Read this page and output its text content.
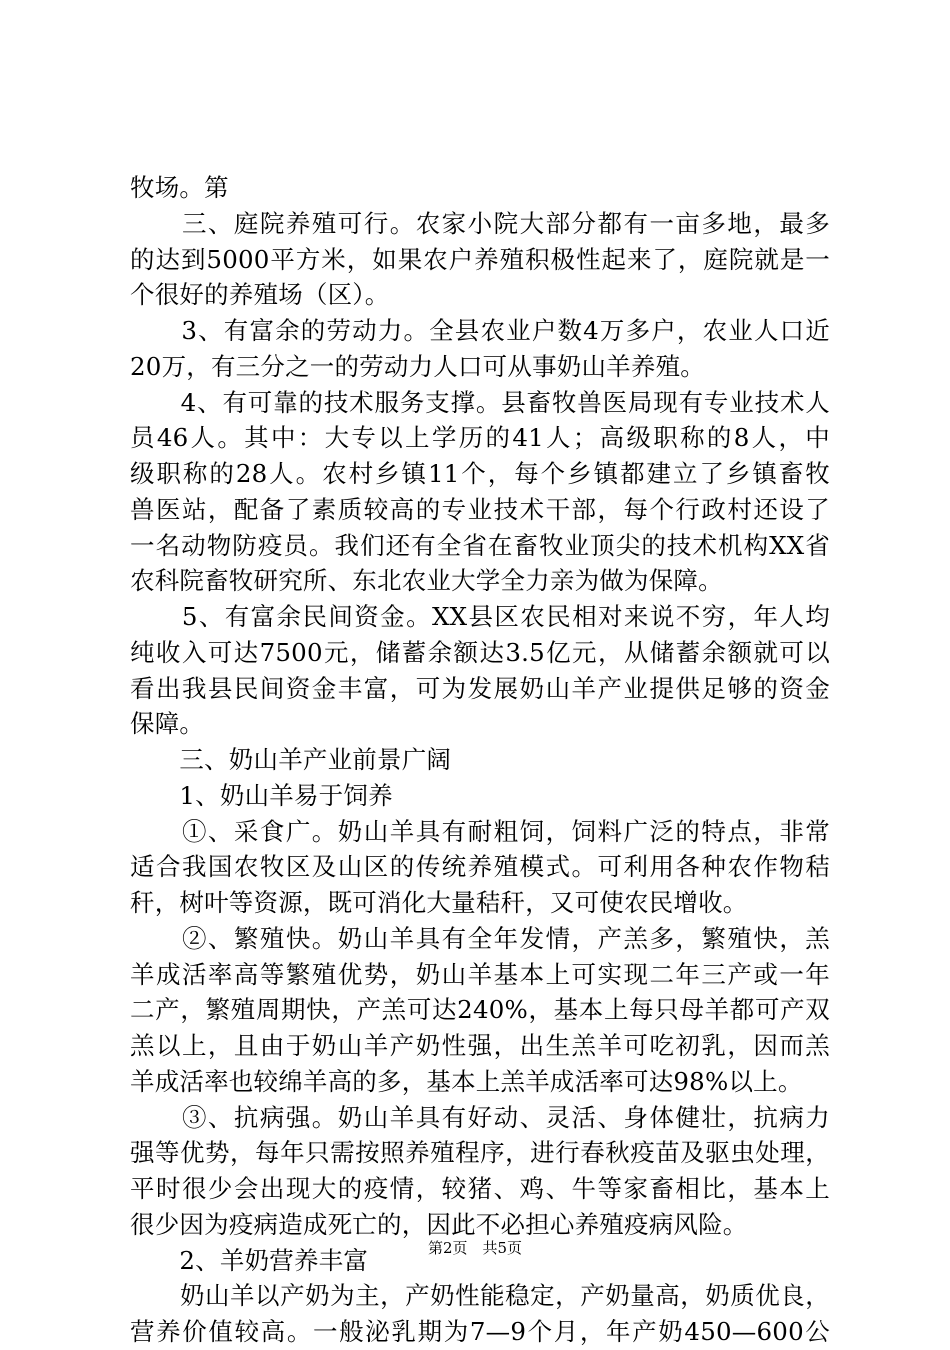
牧场。第
　　三、庭院养殖可行。农家小院大部分都有一亩多地，最多
的达到5000平方米，如果农户养殖积极性起来了，庭院就是一
个很好的养殖场（区）。
　　3、有富余的劳动力。全县农业户数4万多户，农业人口近
20万，有三分之一的劳动力人口可从事奶山羊养殖。
　　4、有可靠的技术服务支撑。县畜牧兽医局现有专业技术人
员46人。其中：大专以上学历的41人；高级职称的8人，中
级职称的28人。农村乡镇11个，每个乡镇都建立了乡镇畜牧
兽医站，配备了素质较高的专业技术干部，每个行政村还设了
一名动物防疫员。我们还有全省在畜牧业顶尖的技术机构XX省
农科院畜牧研究所、东北农业大学全力亲为做为保障。
　　5、有富余民间资金。XX县区农民相对来说不穷，年人均
纯收入可达7500元，储蓄余额达3.5亿元，从储蓄余额就可以
看出我县民间资金丰富，可为发展奶山羊产业提供足够的资金
保障。
　　三、奶山羊产业前景广阔
　　1、奶山羊易于饲养
　　①、采食广。奶山羊具有耐粗饲，饲料广泛的特点，非常
适合我国农牧区及山区的传统养殖模式。可利用各种农作物秸
秆，树叶等资源，既可消化大量秸秆，又可使农民增收。
　　②、繁殖快。奶山羊具有全年发情，产羔多，繁殖快，羔
羊成活率高等繁殖优势，奶山羊基本上可实现二年三产或一年
二产，繁殖周期快，产羔可达240%，基本上每只母羊都可产双
羔以上，且由于奶山羊产奶性强，出生羔羊可吃初乳，因而羔
羊成活率也较绵羊高的多，基本上羔羊成活率可达98%以上。
　　③、抗病强。奶山羊具有好动、灵活、身体健壮，抗病力
强等优势，每年只需按照养殖程序，进行春秋疫苗及驱虫处理，
平时很少会出现大的疫情，较猪、鸡、牛等家畜相比，基本上
很少因为疫病造成死亡的，因此不必担心养殖疫病风险。
　　2、羊奶营养丰富
　　奶山羊以产奶为主，产奶性能稳定，产奶量高，奶质优良，
营养价值较高。一般泌乳期为7—9个月，年产奶450—600公
第2页　共5页
